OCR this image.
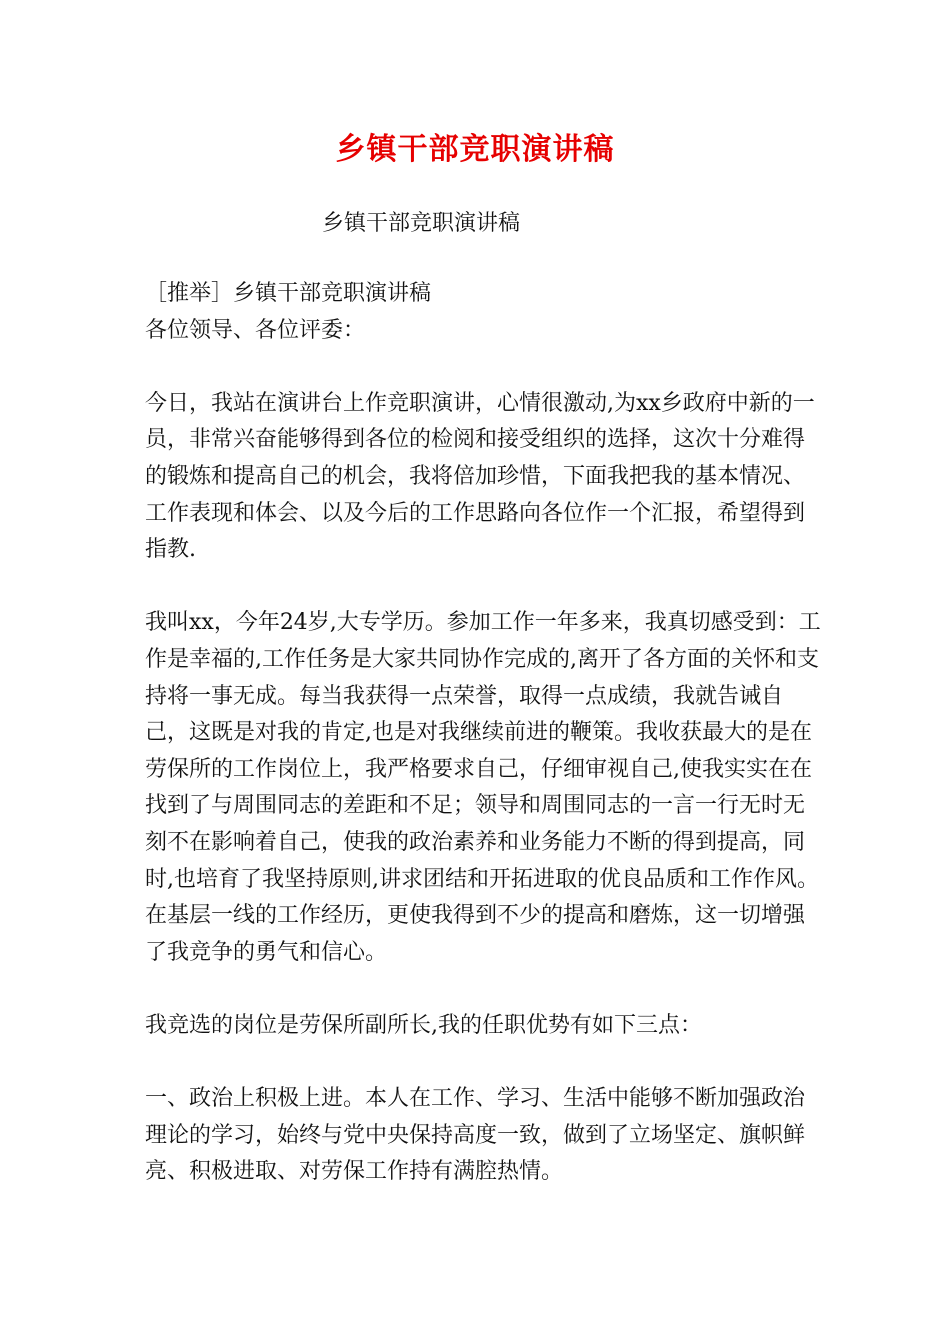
乡镇干部竞职演讲稿
乡镇干部竞职演讲稿

［推举］乡镇干部竞职演讲稿

各位领导、各位评委：

今日，我站在演讲台上作竞职演讲，心情很激动,为xx乡政府中新的一员，非常兴奋能够得到各位的检阅和接受组织的选择，这次十分难得的锻炼和提高自己的机会，我将倍加珍惜，下面我把我的基本情况、工作表现和体会、以及今后的工作思路向各位作一个汇报，希望得到指教.

我叫xx，今年24岁,大专学历。参加工作一年多来，我真切感受到：工作是幸福的,工作任务是大家共同协作完成的,离开了各方面的关怀和支持将一事无成。每当我获得一点荣誉，取得一点成绩，我就告诫自己，这既是对我的肯定,也是对我继续前进的鞭策。我收获最大的是在劳保所的工作岗位上，我严格要求自己，仔细审视自己,使我实实在在找到了与周围同志的差距和不足；领导和周围同志的一言一行无时无刻不在影响着自己，使我的政治素养和业务能力不断的得到提高，同时,也培育了我坚持原则,讲求团结和开拓进取的优良品质和工作作风。在基层一线的工作经历，更使我得到不少的提高和磨炼，这一切增强了我竞争的勇气和信心。

我竞选的岗位是劳保所副所长,我的任职优势有如下三点：

一、政治上积极上进。本人在工作、学习、生活中能够不断加强政治理论的学习，始终与党中央保持高度一致，做到了立场坚定、旗帜鲜亮、积极进取、对劳保工作持有满腔热情。
